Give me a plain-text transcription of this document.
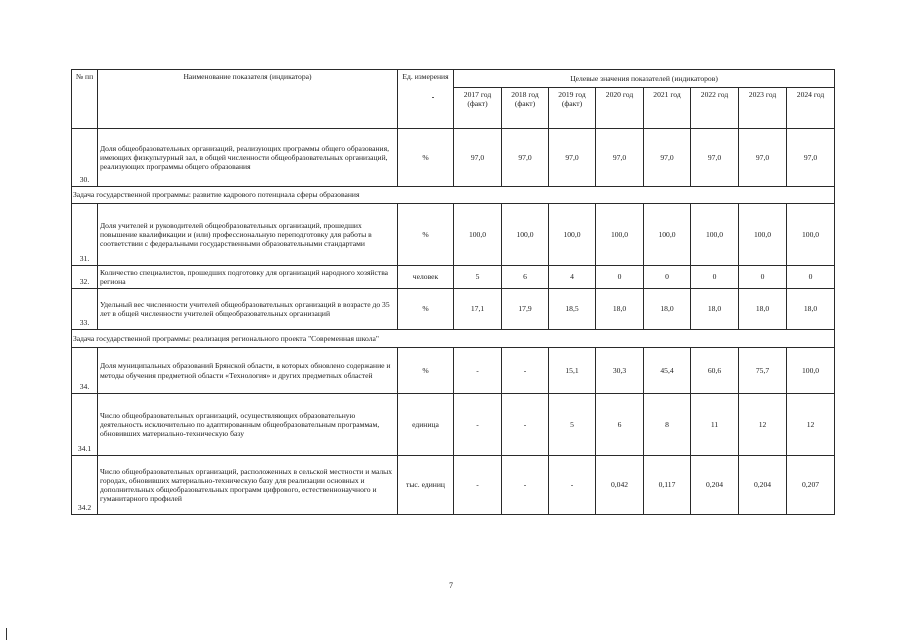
№ пп	Наименование показателя (индикатора)	Ед. измерения	Целевые значения показателей (индикаторов)							
			2017 год (факт)	2018 год (факт)	2019 год (факт)	2020 год	2021 год	2022 год	2023 год	2024 год
30.	Доля общеобразовательных организаций, реализующих программы общего образования, имеющих физкультурный зал, в общей численности общеобразовательных организаций, реализующих программы общего образования	%	97,0	97,0	97,0	97,0	97,0	97,0	97,0	97,0
Задача государственной программы: развитие кадрового потенциала сферы образования										
31.	Доля учителей и руководителей общеобразовательных организаций, прошедших повышение квалификации и (или) профессиональную переподготовку для работы в соответствии с федеральными государственными образовательными стандартами	%	100,0	100,0	100,0	100,0	100,0	100,0	100,0	100,0
32.	Количество специалистов, прошедших подготовку для организаций народного хозяйства региона	человек	5	6	4	0	0	0	0	0
33.	Удельный вес численности учителей общеобразовательных организаций в возрасте до 35 лет в общей численности учителей общеобразовательных организаций	%	17,1	17,9	18,5	18,0	18,0	18,0	18,0	18,0
Задача государственной программы: реализация регионального проекта "Современная школа"										
34.	Доля муниципальных образований Брянской области, в которых обновлено содержание и методы обучения предметной области «Технология» и других предметных областей	%	-	-	15,1	30,3	45,4	60,6	75,7	100,0
34.1	Число общеобразовательных организаций, осуществляющих образовательную деятельность исключительно по адаптированным общеобразовательным программам, обновивших материально-техническую базу	единица	-	-	5	6	8	11	12	12
34.2	Число общеобразовательных организаций, расположенных в сельской местности и малых городах, обновивших материально-техническую базу для реализации основных и дополнительных общеобразовательных программ цифрового, естественнонаучного и гуманитарного профилей	тыс. единиц	-	-	-	0,042	0,117	0,204	0,204	0,207
7
